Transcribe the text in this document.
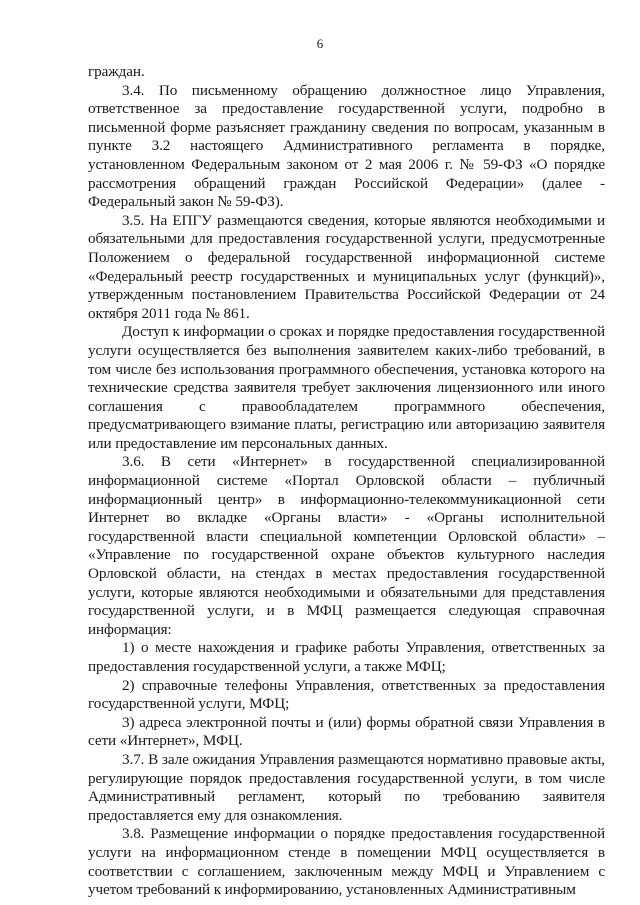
6

граждан.

3.4. По письменному обращению должностное лицо Управления, ответственное за предоставление государственной услуги, подробно в письменной форме разъясняет гражданину сведения по вопросам, указанным в пункте 3.2 настоящего Административного регламента в порядке, установленном Федеральным законом от 2 мая 2006 г. № 59-ФЗ «О порядке рассмотрения обращений граждан Российской Федерации» (далее - Федеральный закон № 59-ФЗ).

3.5. На ЕПГУ размещаются сведения, которые являются необходимыми и обязательными для предоставления государственной услуги, предусмотренные Положением о федеральной государственной информационной системе «Федеральный реестр государственных и муниципальных услуг (функций)», утвержденным постановлением Правительства Российской Федерации от 24 октября 2011 года № 861.

Доступ к информации о сроках и порядке предоставления государственной услуги осуществляется без выполнения заявителем каких-либо требований, в том числе без использования программного обеспечения, установка которого на технические средства заявителя требует заключения лицензионного или иного соглашения с правообладателем программного обеспечения, предусматривающего взимание платы, регистрацию или авторизацию заявителя или предоставление им персональных данных.

3.6. В сети «Интернет» в государственной специализированной информационной системе «Портал Орловской области – публичный информационный центр» в информационно-телекоммуникационной сети Интернет во вкладке «Органы власти» - «Органы исполнительной государственной власти специальной компетенции Орловской области» – «Управление по государственной охране объектов культурного наследия Орловской области, на стендах в местах предоставления государственной услуги, которые являются необходимыми и обязательными для представления государственной услуги, и в МФЦ размещается следующая справочная информация:

1) о месте нахождения и графике работы Управления, ответственных за предоставления государственной услуги, а также МФЦ;

2) справочные телефоны Управления, ответственных за предоставления государственной услуги, МФЦ;

3) адреса электронной почты и (или) формы обратной связи Управления в сети «Интернет», МФЦ.

3.7. В зале ожидания Управления размещаются нормативно правовые акты, регулирующие порядок предоставления государственной услуги, в том числе Административный регламент, который по требованию заявителя предоставляется ему для ознакомления.

3.8. Размещение информации о порядке предоставления государственной услуги на информационном стенде в помещении МФЦ осуществляется в соответствии с соглашением, заключенным между МФЦ и Управлением с учетом требований к информированию, установленных Административным
